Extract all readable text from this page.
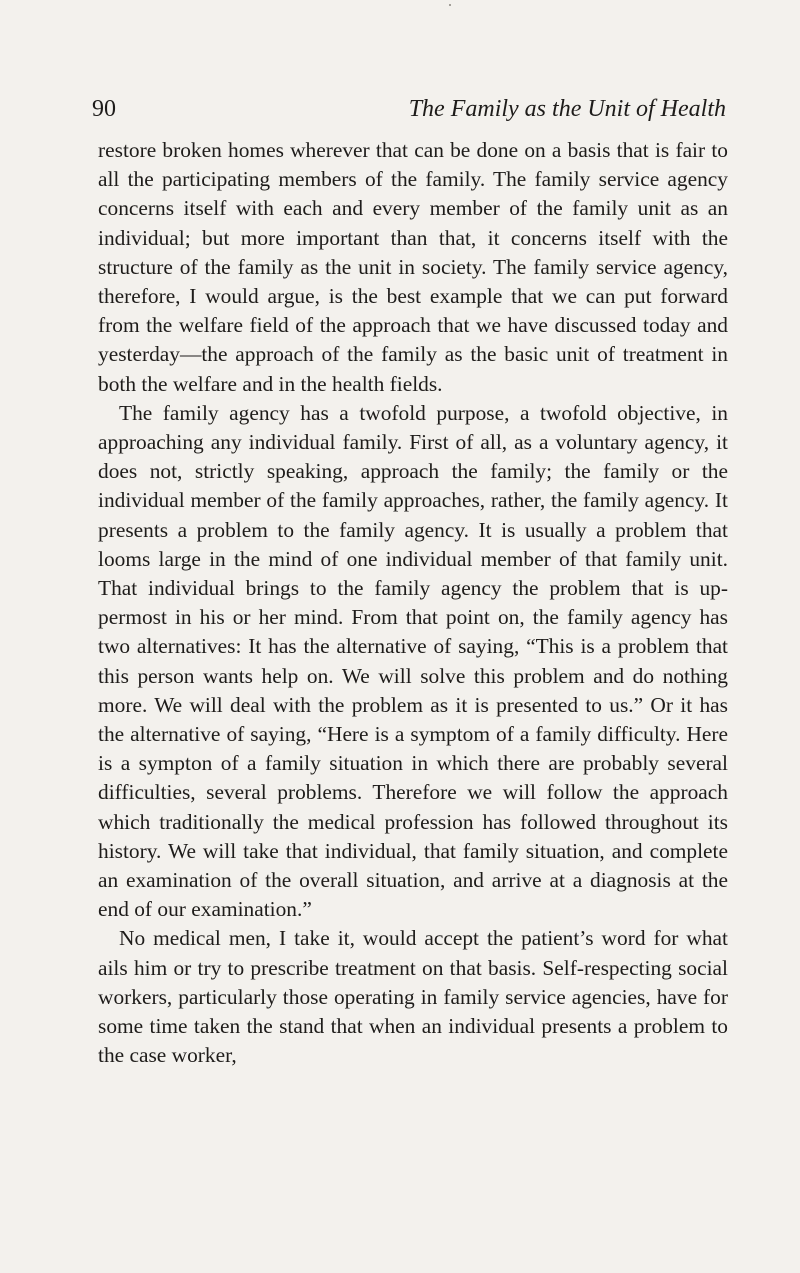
90	The Family as the Unit of Health

restore broken homes wherever that can be done on a basis that is fair to all the participating members of the family. The family service agency concerns itself with each and every member of the family unit as an individual; but more important than that, it concerns itself with the structure of the family as the unit in society. The family service agency, therefore, I would argue, is the best example that we can put forward from the welfare field of the approach that we have discussed today and yesterday—the approach of the family as the basic unit of treatment in both the welfare and in the health fields.

The family agency has a twofold purpose, a twofold objective, in approaching any individual family. First of all, as a voluntary agency, it does not, strictly speaking, approach the family; the family or the individual member of the family approaches, rather, the family agency. It presents a problem to the family agency. It is usually a problem that looms large in the mind of one individual member of that family unit. That individual brings to the family agency the problem that is uppermost in his or her mind. From that point on, the family agency has two alternatives: It has the alternative of saying, “This is a problem that this person wants help on. We will solve this problem and do nothing more. We will deal with the problem as it is presented to us.” Or it has the alternative of saying, “Here is a symptom of a family difficulty. Here is a sympton of a family situation in which there are probably several difficulties, several problems. Therefore we will follow the approach which traditionally the medical profession has followed throughout its history. We will take that individual, that family situation, and complete an examination of the overall situation, and arrive at a diagnosis at the end of our examination.”

No medical men, I take it, would accept the patient’s word for what ails him or try to prescribe treatment on that basis. Self-respecting social workers, particularly those operating in family service agencies, have for some time taken the stand that when an individual presents a problem to the case worker,
